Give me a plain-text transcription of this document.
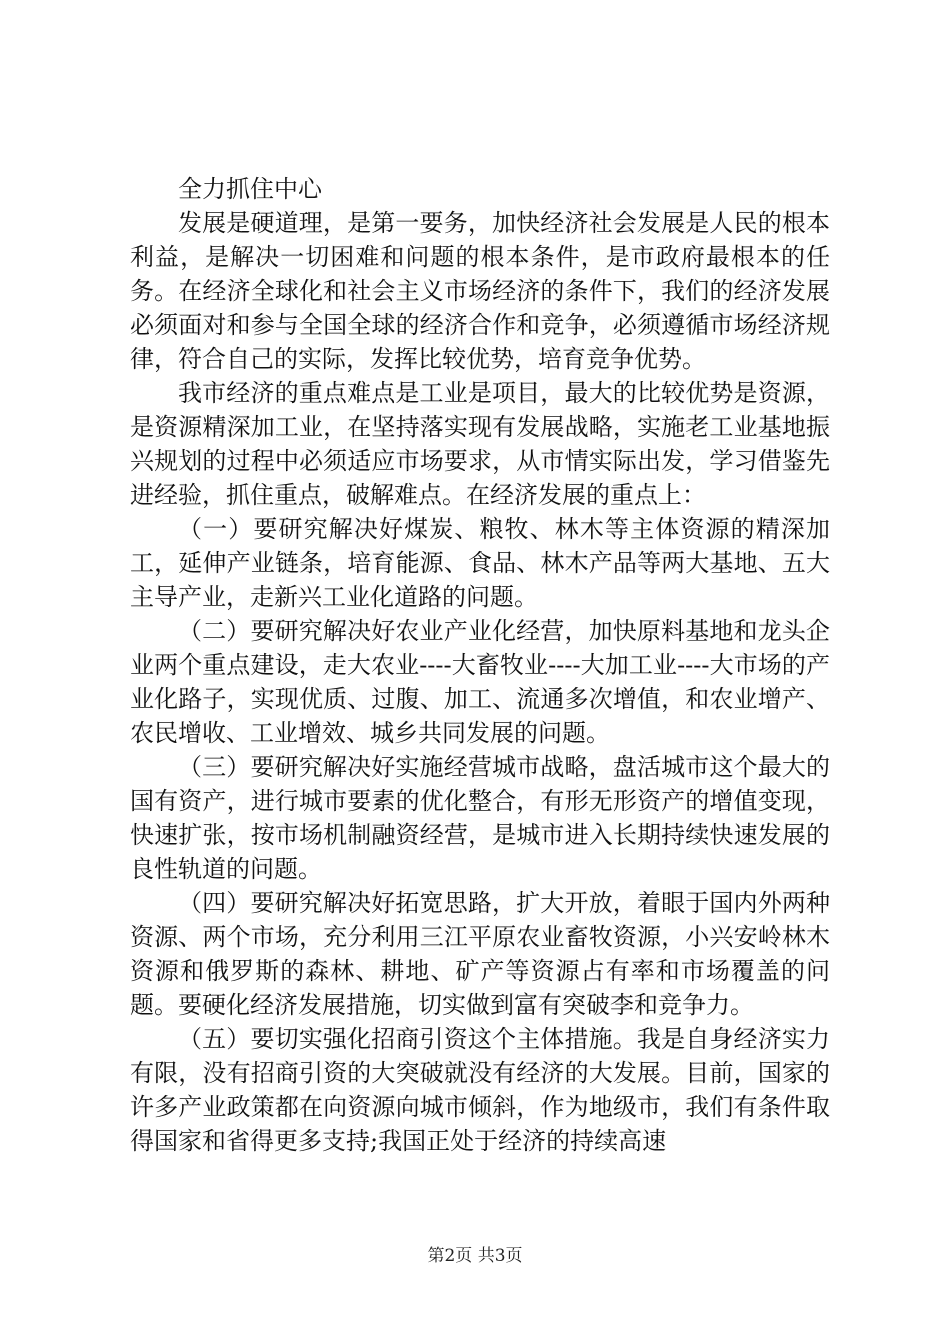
全力抓住中心

发展是硬道理，是第一要务，加快经济社会发展是人民的根本利益，是解决一切困难和问题的根本条件，是市政府最根本的任务。在经济全球化和社会主义市场经济的条件下，我们的经济发展必须面对和参与全国全球的经济合作和竞争，必须遵循市场经济规律，符合自己的实际，发挥比较优势，培育竞争优势。

我市经济的重点难点是工业是项目，最大的比较优势是资源，是资源精深加工业，在坚持落实现有发展战略，实施老工业基地振兴规划的过程中必须适应市场要求，从市情实际出发，学习借鉴先进经验，抓住重点，破解难点。在经济发展的重点上：

（一）要研究解决好煤炭、粮牧、林木等主体资源的精深加工，延伸产业链条，培育能源、食品、林木产品等两大基地、五大主导产业，走新兴工业化道路的问题。

（二）要研究解决好农业产业化经营，加快原料基地和龙头企业两个重点建设，走大农业----大畜牧业----大加工业----大市场的产业化路子，实现优质、过腹、加工、流通多次增值，和农业增产、农民增收、工业增效、城乡共同发展的问题。

（三）要研究解决好实施经营城市战略，盘活城市这个最大的国有资产，进行城市要素的优化整合，有形无形资产的增值变现，快速扩张，按市场机制融资经营，是城市进入长期持续快速发展的良性轨道的问题。

（四）要研究解决好拓宽思路，扩大开放，着眼于国内外两种资源、两个市场，充分利用三江平原农业畜牧资源，小兴安岭林木资源和俄罗斯的森林、耕地、矿产等资源占有率和市场覆盖的问题。要硬化经济发展措施，切实做到富有突破李和竞争力。

（五）要切实强化招商引资这个主体措施。我是自身经济实力有限，没有招商引资的大突破就没有经济的大发展。目前，国家的许多产业政策都在向资源向城市倾斜，作为地级市，我们有条件取得国家和省得更多支持;我国正处于经济的持续高速

第2页 共3页
